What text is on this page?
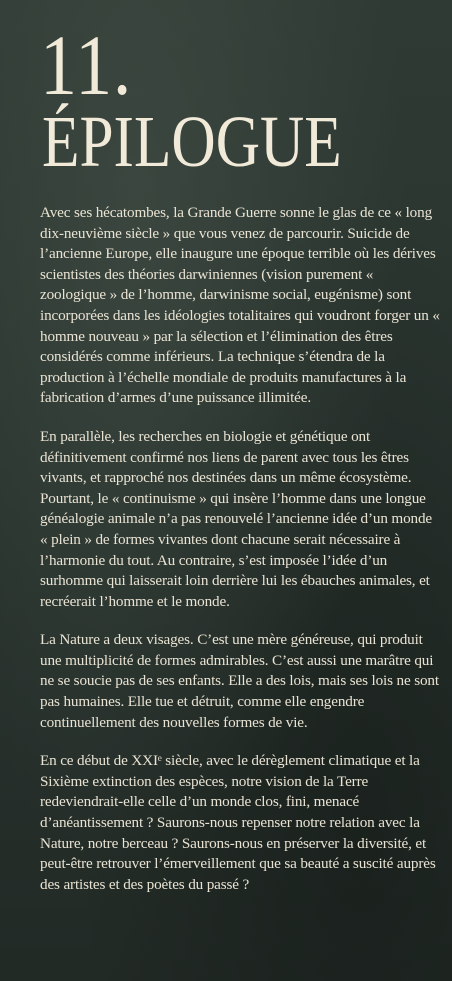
11.
ÉPILOGUE

Avec ses hécatombes, la Grande Guerre sonne le glas de ce « long dix-neuvième siècle » que vous venez de parcourir. Suicide de l’ancienne Europe, elle inaugure une époque terrible où les dérives scientistes des théories darwiniennes (vision purement « zoologique » de l’homme, darwinisme social, eugénisme) sont incorporées dans les idéologies totalitaires qui voudront forger un « homme nouveau » par la sélection et l’élimination des êtres considérés comme inférieurs. La technique s’étendra de la production à l’échelle mondiale de produits manufactures à la fabrication d’armes d’une puissance illimitée.

En parallèle, les recherches en biologie et génétique ont définitivement confirmé nos liens de parent avec tous les êtres vivants, et rapproché nos destinées dans un même écosystème. Pourtant, le « continuisme » qui insère l’homme dans une longue généalogie animale n’a pas renouvelé l’ancienne idée d’un monde « plein » de formes vivantes dont chacune serait nécessaire à l’harmonie du tout. Au contraire, s’est imposée l’idée d’un surhomme qui laisserait loin derrière lui les ébauches animales, et recréerait l’homme et le monde.

La Nature a deux visages. C’est une mère généreuse, qui produit une multiplicité de formes admirables. C’est aussi une marâtre qui ne se soucie pas de ses enfants. Elle a des lois, mais ses lois ne sont pas humaines. Elle tue et détruit, comme elle engendre continuellement des nouvelles formes de vie.

En ce début de XXIᵉ siècle, avec le dérèglement climatique et la Sixième extinction des espèces, notre vision de la Terre redeviendrait-elle celle d’un monde clos, fini, menacé d’anéantissement ? Saurons-nous repenser notre relation avec la Nature, notre berceau ? Saurons-nous en préserver la diversité, et peut-être retrouver l’émerveillement que sa beauté a suscité auprès des artistes et des poètes du passé ?
